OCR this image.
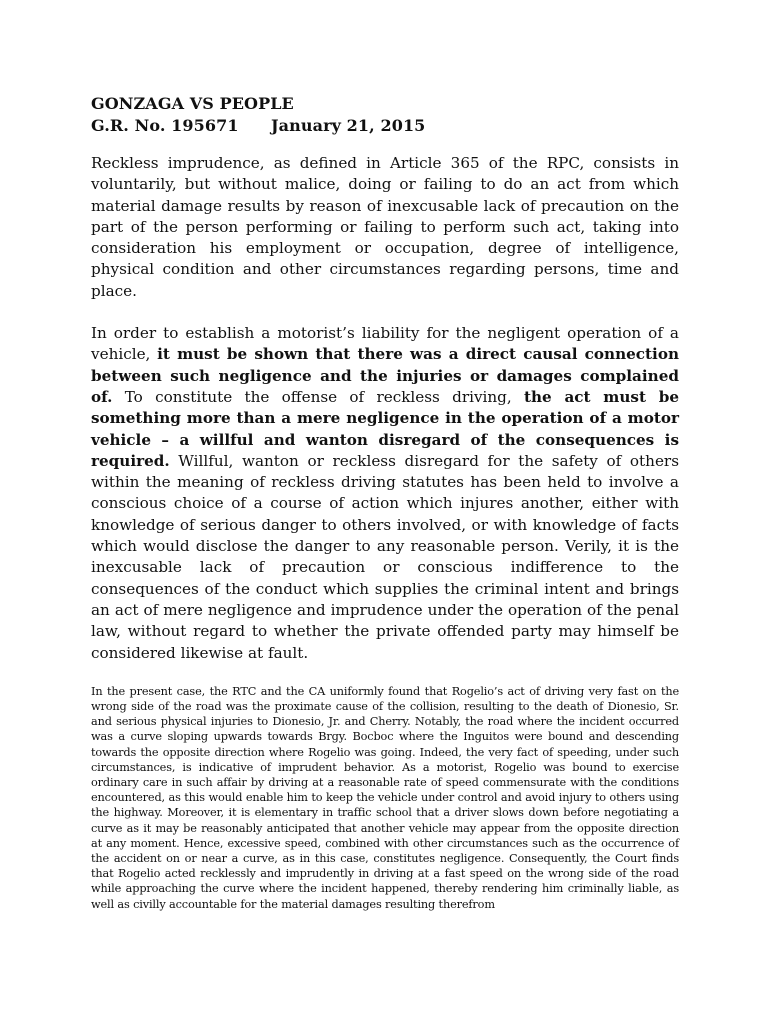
GONZAGA VS PEOPLE
G.R. No. 195671	January 21, 2015

Reckless imprudence, as defined in Article 365 of the RPC, consists in voluntarily, but without malice, doing or failing to do an act from which material damage results by reason of inexcusable lack of precaution on the part of the person performing or failing to perform such act, taking into consideration his employment or occupation, degree of intelligence, physical condition and other circumstances regarding persons, time and place.

In order to establish a motorist’s liability for the negligent operation of a vehicle, it must be shown that there was a direct causal connection between such negligence and the injuries or damages complained of. To constitute the offense of reckless driving, the act must be something more than a mere negligence in the operation of a motor vehicle – a willful and wanton disregard of the consequences is required. Willful, wanton or reckless disregard for the safety of others within the meaning of reckless driving statutes has been held to involve a conscious choice of a course of action which injures another, either with knowledge of serious danger to others involved, or with knowledge of facts which would disclose the danger to any reasonable person. Verily, it is the inexcusable lack of precaution or conscious indifference to the consequences of the conduct which supplies the criminal intent and brings an act of mere negligence and imprudence under the operation of the penal law, without regard to whether the private offended party may himself be considered likewise at fault.

In the present case, the RTC and the CA uniformly found that Rogelio’s act of driving very fast on the wrong side of the road was the proximate cause of the collision, resulting to the death of Dionesio, Sr. and serious physical injuries to Dionesio, Jr. and Cherry. Notably, the road where the incident occurred was a curve sloping upwards towards Brgy. Bocboc where the Inguitos were bound and descending towards the opposite direction where Rogelio was going. Indeed, the very fact of speeding, under such circumstances, is indicative of imprudent behavior. As a motorist, Rogelio was bound to exercise ordinary care in such affair by driving at a reasonable rate of speed commensurate with the conditions encountered, as this would enable him to keep the vehicle under control and avoid injury to others using the highway. Moreover, it is elementary in traffic school that a driver slows down before negotiating a curve as it may be reasonably anticipated that another vehicle may appear from the opposite direction at any moment. Hence, excessive speed, combined with other circumstances such as the occurrence of the accident on or near a curve, as in this case, constitutes negligence. Consequently, the Court finds that Rogelio acted recklessly and imprudently in driving at a fast speed on the wrong side of the road while approaching the curve where the incident happened, thereby rendering him criminally liable, as well as civilly accountable for the material damages resulting therefrom
